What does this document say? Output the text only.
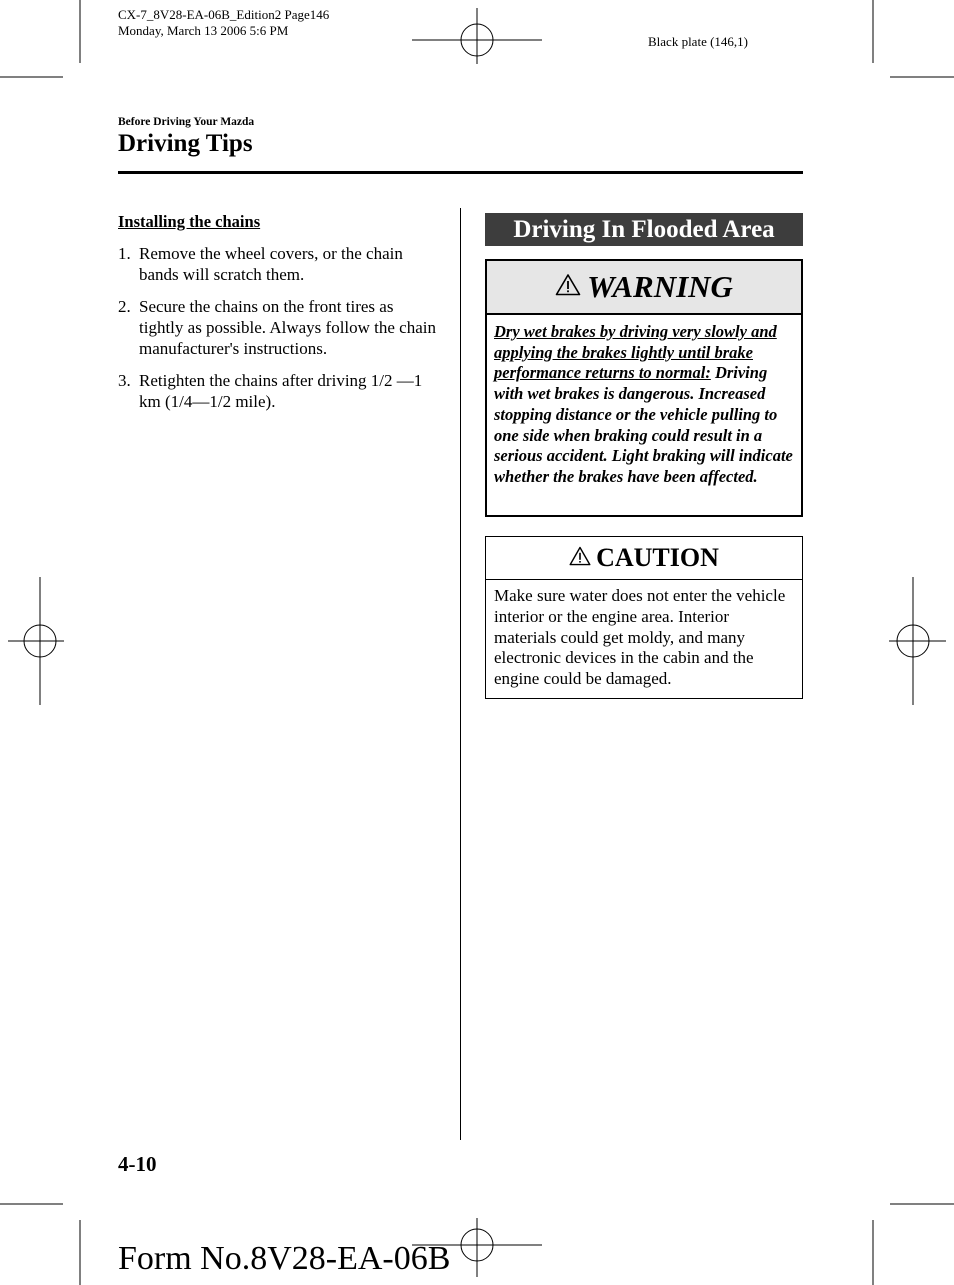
CX-7_8V28-EA-06B_Edition2 Page146
Monday, March 13 2006 5:6 PM
Black plate (146,1)
Before Driving Your Mazda
Driving Tips
Installing the chains
1. Remove the wheel covers, or the chain bands will scratch them.
2. Secure the chains on the front tires as tightly as possible. Always follow the chain manufacturer's instructions.
3. Retighten the chains after driving 1/2 ―1 km (1/4―1/2 mile).
Driving In Flooded Area
WARNING
Dry wet brakes by driving very slowly and applying the brakes lightly until brake performance returns to normal: Driving with wet brakes is dangerous. Increased stopping distance or the vehicle pulling to one side when braking could result in a serious accident. Light braking will indicate whether the brakes have been affected.
CAUTION
Make sure water does not enter the vehicle interior or the engine area. Interior materials could get moldy, and many electronic devices in the cabin and the engine could be damaged.
4-10
Form No.8V28-EA-06B
